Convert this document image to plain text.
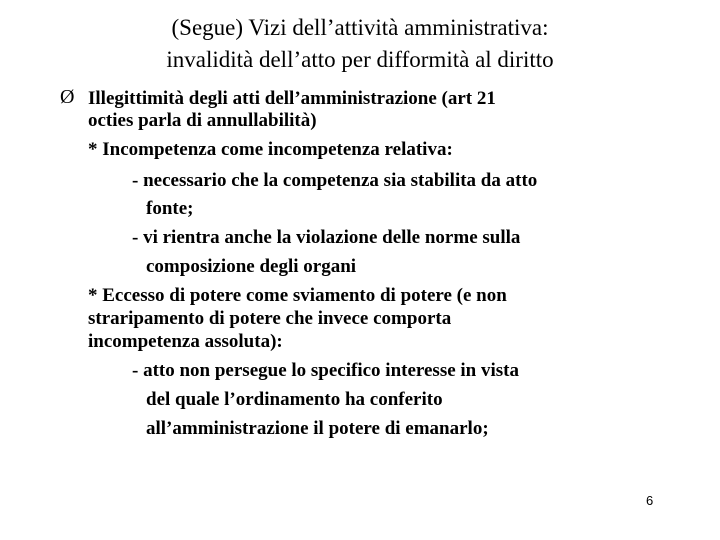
(Segue) Vizi dell’attività amministrativa:
invalidità dell’atto per difformità al diritto
Ø Illegittimità degli atti dell’amministrazione (art 21
octies parla di annullabilità)
* Incompetenza come incompetenza relativa:
- necessario che la competenza sia stabilita da atto
fonte;
- vi rientra anche la violazione delle norme sulla
composizione degli organi
* Eccesso di potere come sviamento di potere (e non
straripamento di potere che invece comporta
incompetenza assoluta):
- atto non persegue lo specifico interesse in vista
del quale l’ordinamento ha conferito
all’amministrazione il potere di emanarlo;
6
